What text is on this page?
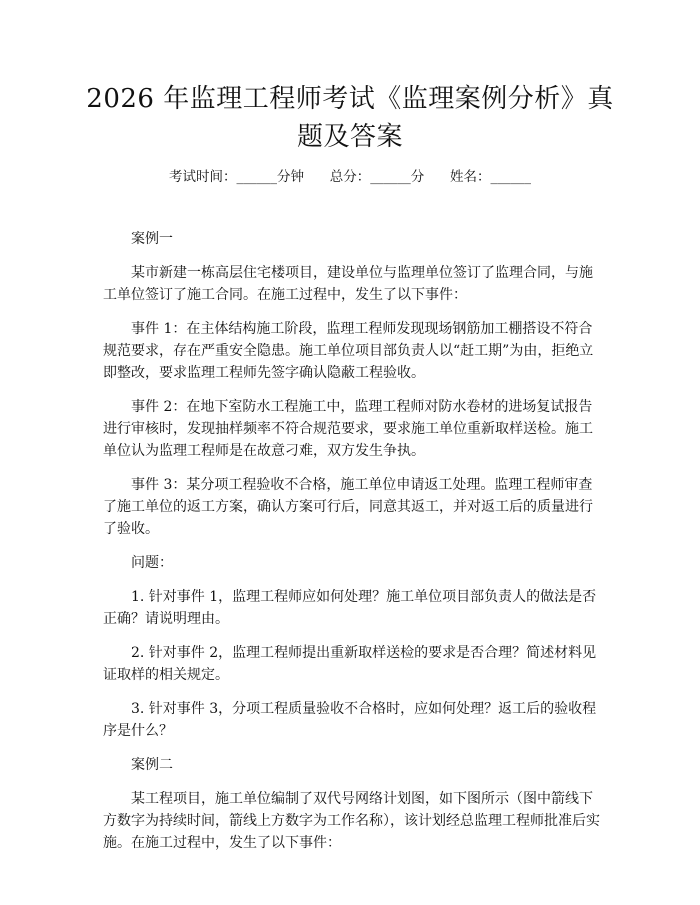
2026 年监理工程师考试《监理案例分析》真题及答案
考试时间：______分钟      总分：______分      姓名：______

案例一

某市新建一栋高层住宅楼项目，建设单位与监理单位签订了监理合同，与施工单位签订了施工合同。在施工过程中，发生了以下事件：

事件 1：在主体结构施工阶段，监理工程师发现现场钢筋加工棚搭设不符合规范要求，存在严重安全隐患。施工单位项目部负责人以“赶工期”为由，拒绝立即整改，要求监理工程师先签字确认隐蔽工程验收。

事件 2：在地下室防水工程施工中，监理工程师对防水卷材的进场复试报告进行审核时，发现抽样频率不符合规范要求，要求施工单位重新取样送检。施工单位认为监理工程师是在故意刁难，双方发生争执。

事件 3：某分项工程验收不合格，施工单位申请返工处理。监理工程师审查了施工单位的返工方案，确认方案可行后，同意其返工，并对返工后的质量进行了验收。

问题：

1. 针对事件 1，监理工程师应如何处理？施工单位项目部负责人的做法是否正确？请说明理由。

2. 针对事件 2，监理工程师提出重新取样送检的要求是否合理？简述材料见证取样的相关规定。

3. 针对事件 3，分项工程质量验收不合格时，应如何处理？返工后的验收程序是什么？

案例二

某工程项目，施工单位编制了双代号网络计划图，如下图所示（图中箭线下方数字为持续时间，箭线上方数字为工作名称），该计划经总监理工程师批准后实施。在施工过程中，发生了以下事件：
